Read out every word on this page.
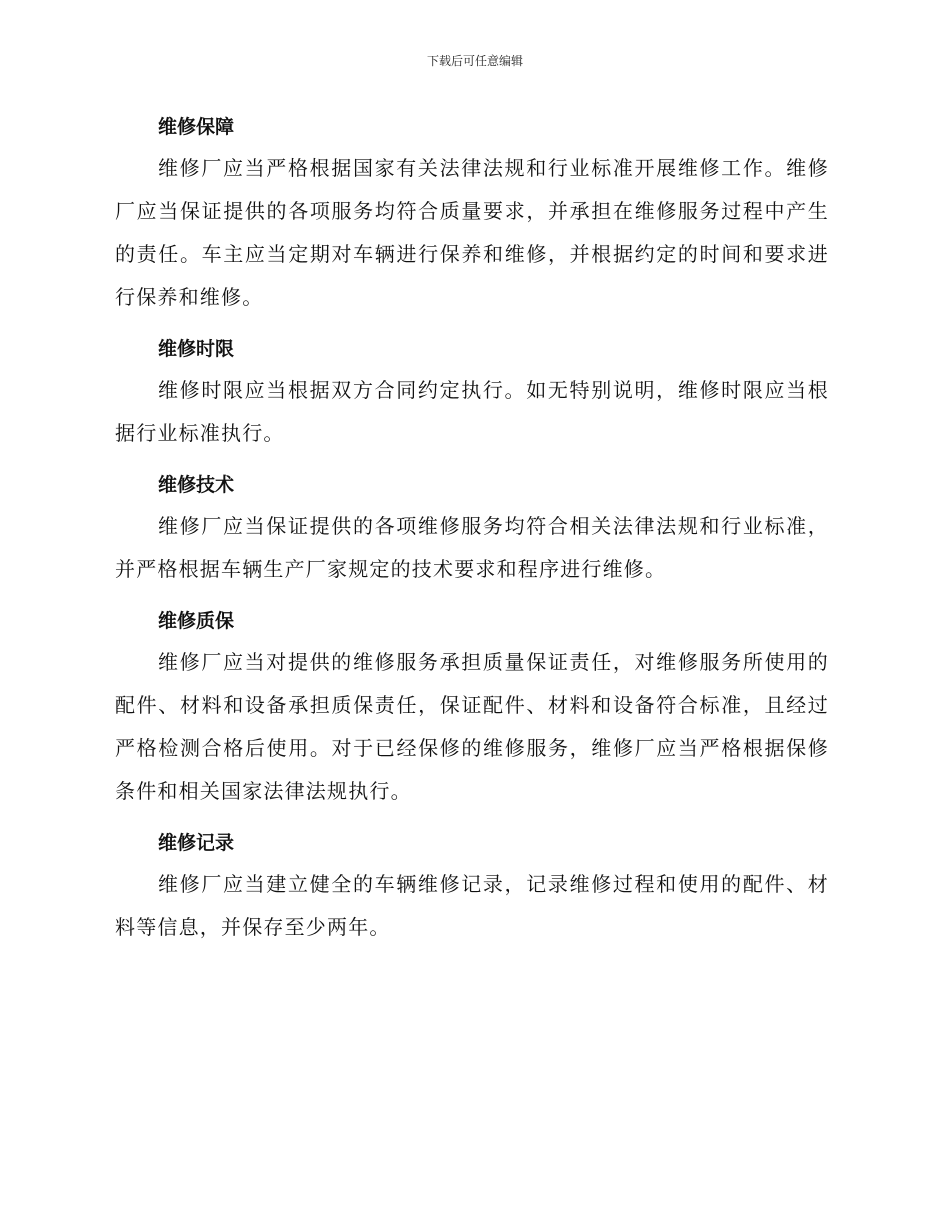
下载后可任意编辑
维修保障

维修厂应当严格根据国家有关法律法规和行业标准开展维修工作。维修厂应当保证提供的各项服务均符合质量要求，并承担在维修服务过程中产生的责任。车主应当定期对车辆进行保养和维修，并根据约定的时间和要求进行保养和维修。

维修时限

维修时限应当根据双方合同约定执行。如无特别说明，维修时限应当根据行业标准执行。

维修技术

维修厂应当保证提供的各项维修服务均符合相关法律法规和行业标准，并严格根据车辆生产厂家规定的技术要求和程序进行维修。

维修质保

维修厂应当对提供的维修服务承担质量保证责任，对维修服务所使用的配件、材料和设备承担质保责任，保证配件、材料和设备符合标准，且经过严格检测合格后使用。对于已经保修的维修服务，维修厂应当严格根据保修条件和相关国家法律法规执行。

维修记录

维修厂应当建立健全的车辆维修记录，记录维修过程和使用的配件、材料等信息，并保存至少两年。
